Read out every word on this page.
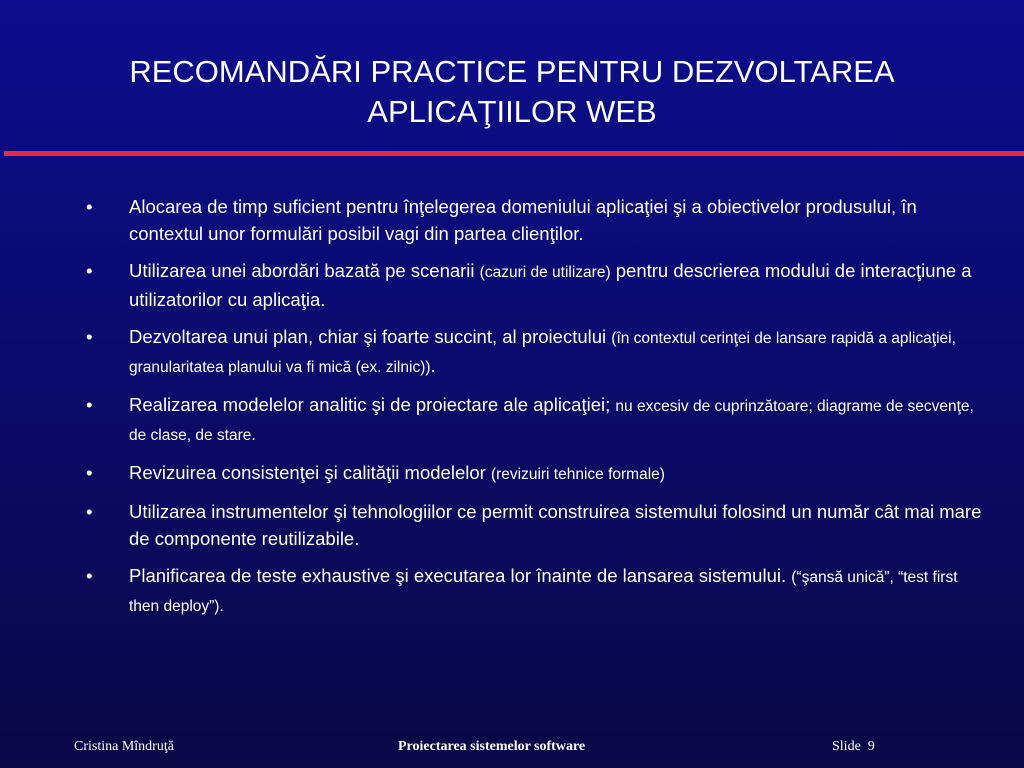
RECOMANDĂRI PRACTICE PENTRU DEZVOLTAREA
APLICAŢIILOR WEB
• Alocarea de timp suficient pentru înţelegerea domeniului aplicaţiei şi a obiectivelor produsului, în contextul unor formulări posibil vagi din partea clienţilor.
• Utilizarea unei abordări bazată pe scenarii (cazuri de utilizare) pentru descrierea modului de interacţiune a utilizatorilor cu aplicaţia.
• Dezvoltarea unui plan, chiar şi foarte succint, al proiectului (în contextul cerinţei de lansare rapidă a aplicaţiei, granularitatea planului va fi mică (ex. zilnic)).
• Realizarea modelelor analitic şi de proiectare ale aplicaţiei; nu excesiv de cuprinzătoare; diagrame de secvenţe, de clase, de stare.
• Revizuirea consistenţei şi calităţii modelelor (revizuiri tehnice formale)
• Utilizarea instrumentelor şi tehnologiilor ce permit construirea sistemului folosind un număr cât mai mare de componente reutilizabile.
• Planificarea de teste exhaustive şi executarea lor înainte de lansarea sistemului. (“şansă unică”, “test first then deploy”).
Cristina Mîndruţă	Proiectarea sistemelor software	Slide 9
